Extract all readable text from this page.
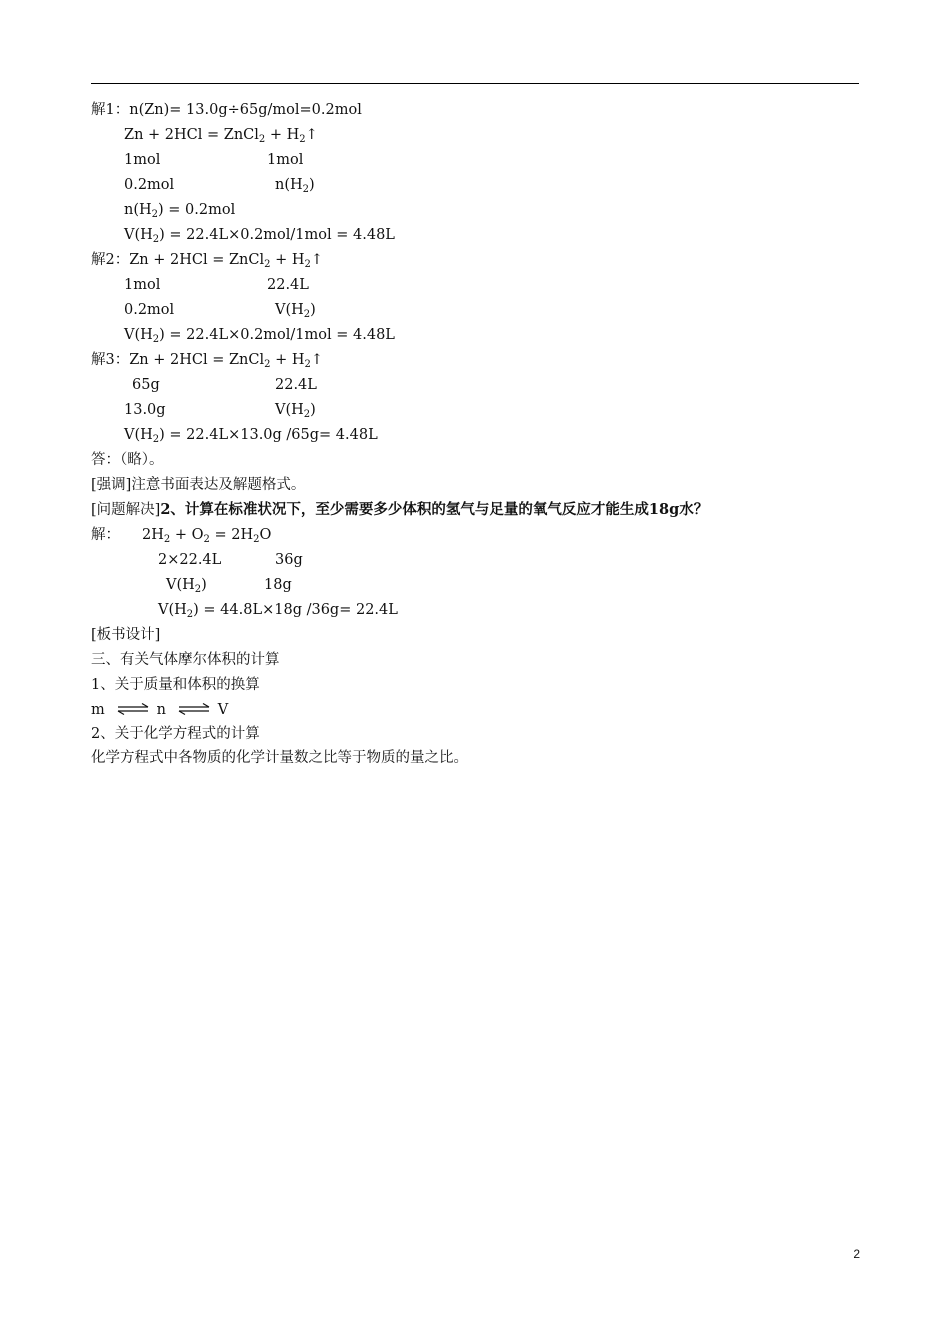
解1：n(Zn)= 13.0g÷65g/mol=0.2mol
Zn + 2HCl = ZnCl$_2$ + $H_2↑$
1mol	1mol
0.2mol	$n(H_2)$
$n(H_2) = 0.2mol$
$V(H_2) = 22.4L\times 0.2mol/1mol = 4.48L$
解2：Zn + 2HCl = ZnCl$_2$ + $H_2↑$
1mol	22.4L
0.2mol	$V(H_2)$
$V(H_2) = 22.4L\times 0.2mol/1mol = 4.48L$
解3：Zn + 2HCl = ZnCl$_2$ + $H_2↑$
65g	22.4L
13.0g	$V(H_2)$
$V(H_2) = 22.4L\times 13.0g$ /65g= 4.48L
答：（略）。
[强调]注意书面表达及解题格式。
[问题解决]2、计算在标准状况下，至少需要多少体积的氢气与足量的氧气反应才能生成18g水？
解： $2H_2 + O_2 = 2H_2O$
2×22.4L	36g
$V(H_2)$	18g
$V(H_2) = 44.8L\times 18g$ /36g= 22.4L
[板书设计]
三、有关气体摩尔体积的计算
1、关于质量和体积的换算
m ⇌ n ⇌ V
2、关于化学方程式的计算
化学方程式中各物质的化学计量数之比等于物质的量之比。
2
